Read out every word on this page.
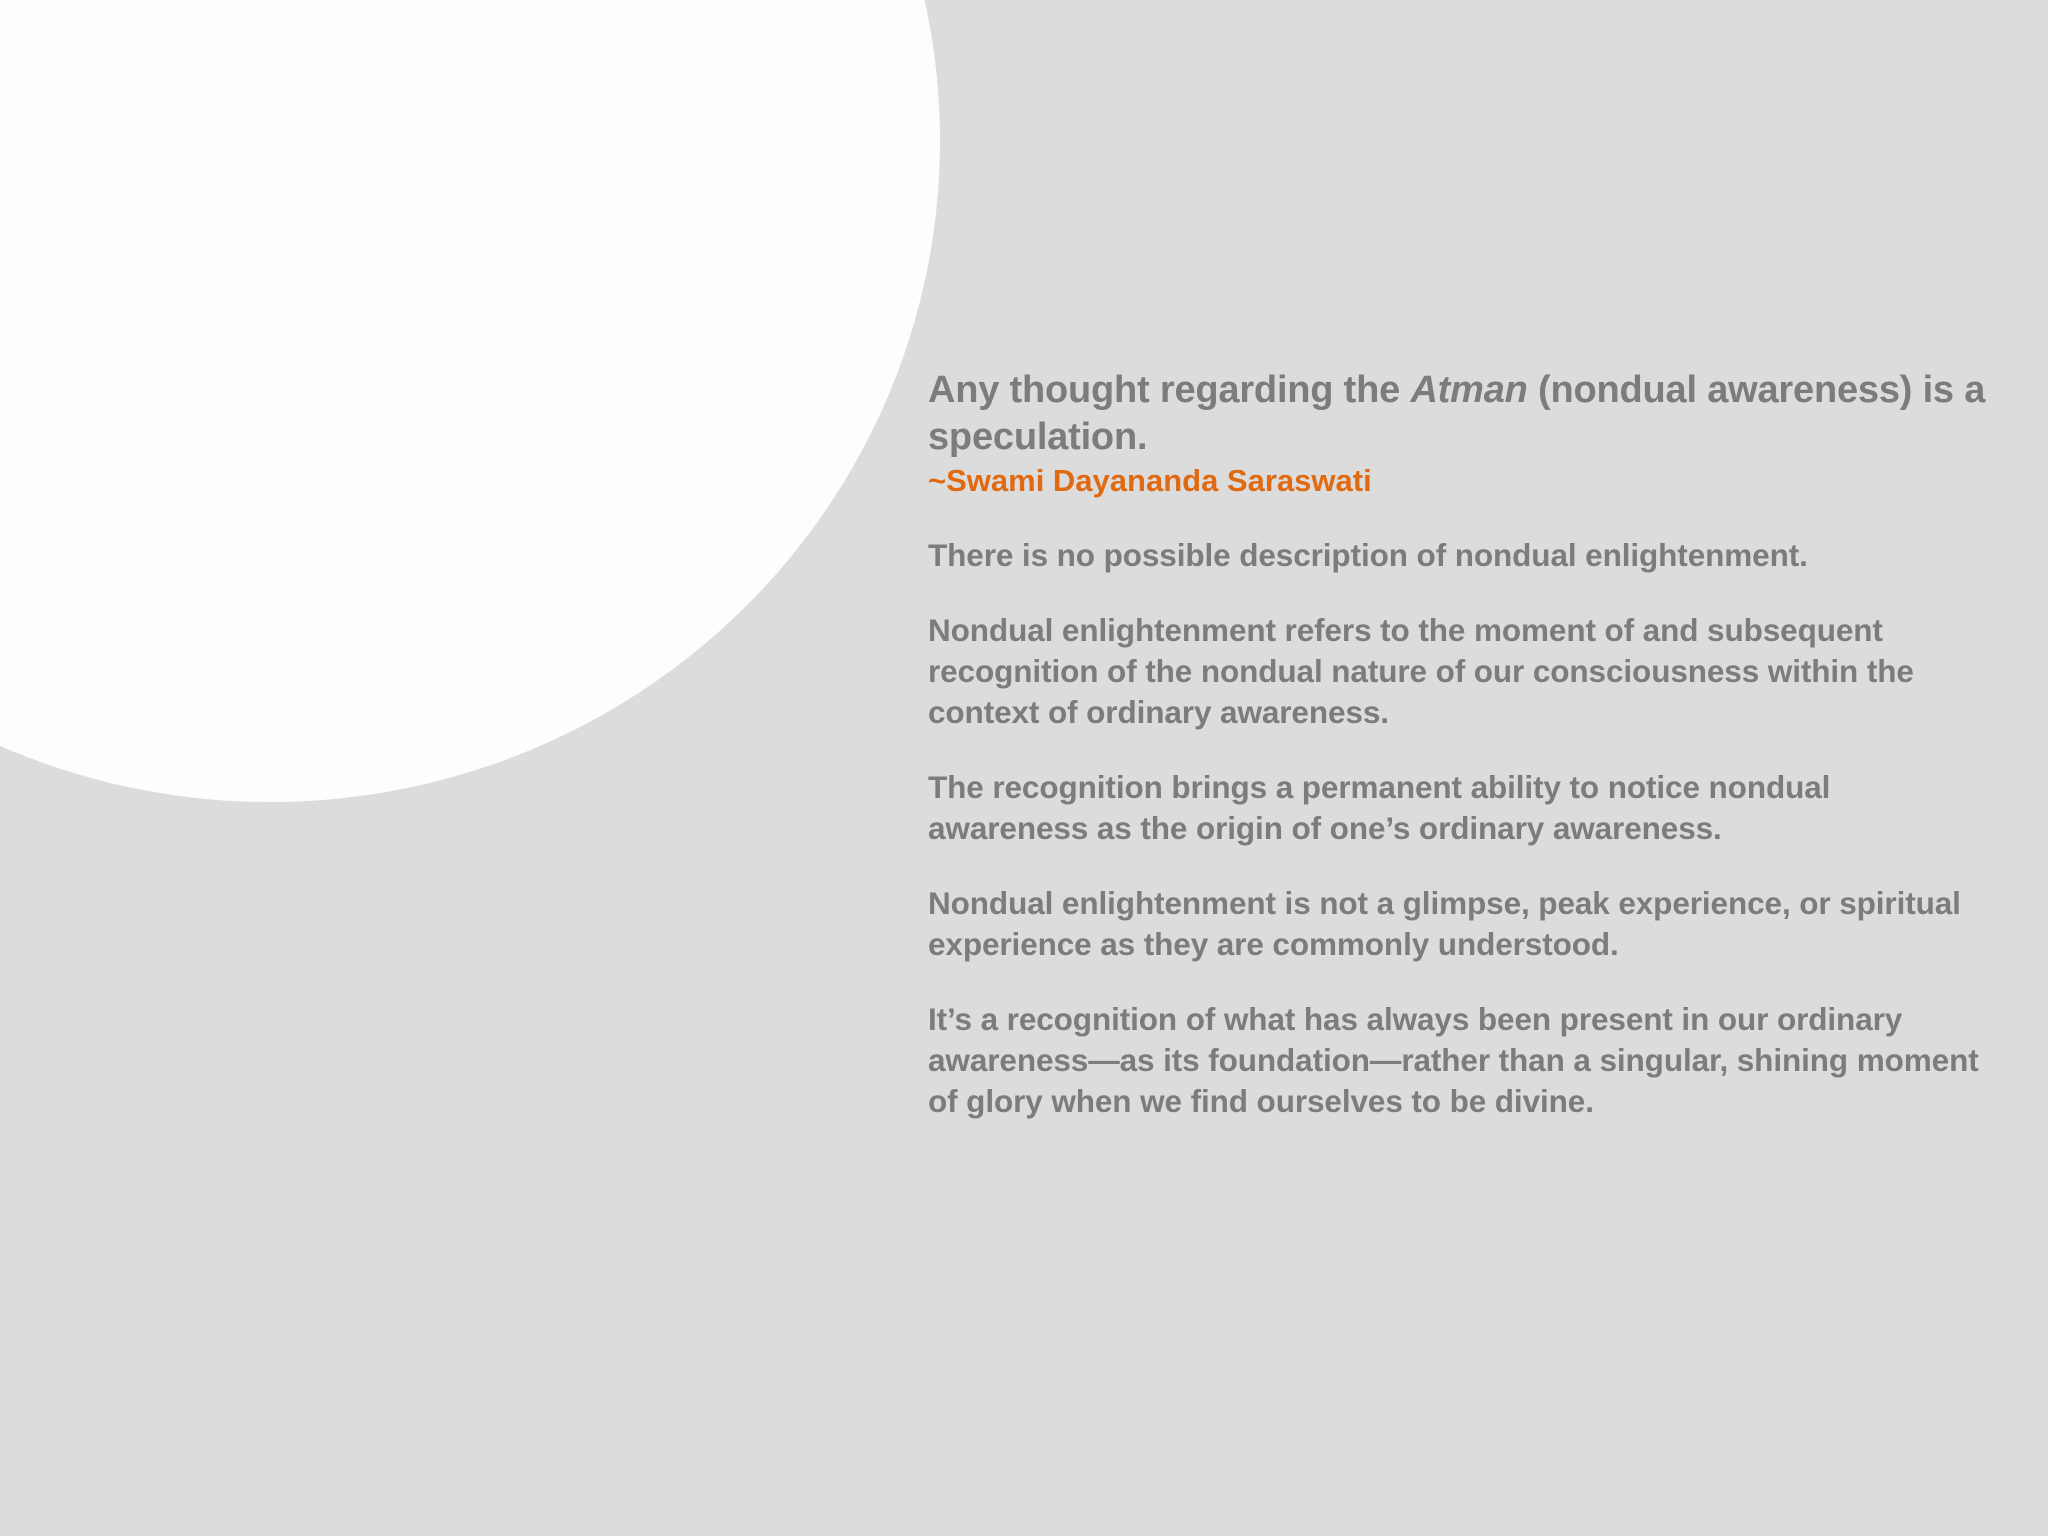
Any thought regarding the Atman (nondual awareness) is a speculation.

~Swami Dayananda Saraswati

There is no possible description of nondual enlightenment.

Nondual enlightenment refers to the moment of and subsequent recognition of the nondual nature of our consciousness within the context of ordinary awareness.

The recognition brings a permanent ability to notice nondual awareness as the origin of one’s ordinary awareness.

Nondual enlightenment is not a glimpse, peak experience, or spiritual experience as they are commonly understood.

It’s a recognition of what has always been present in our ordinary awareness—as its foundation—rather than a singular, shining moment of glory when we find ourselves to be divine.
